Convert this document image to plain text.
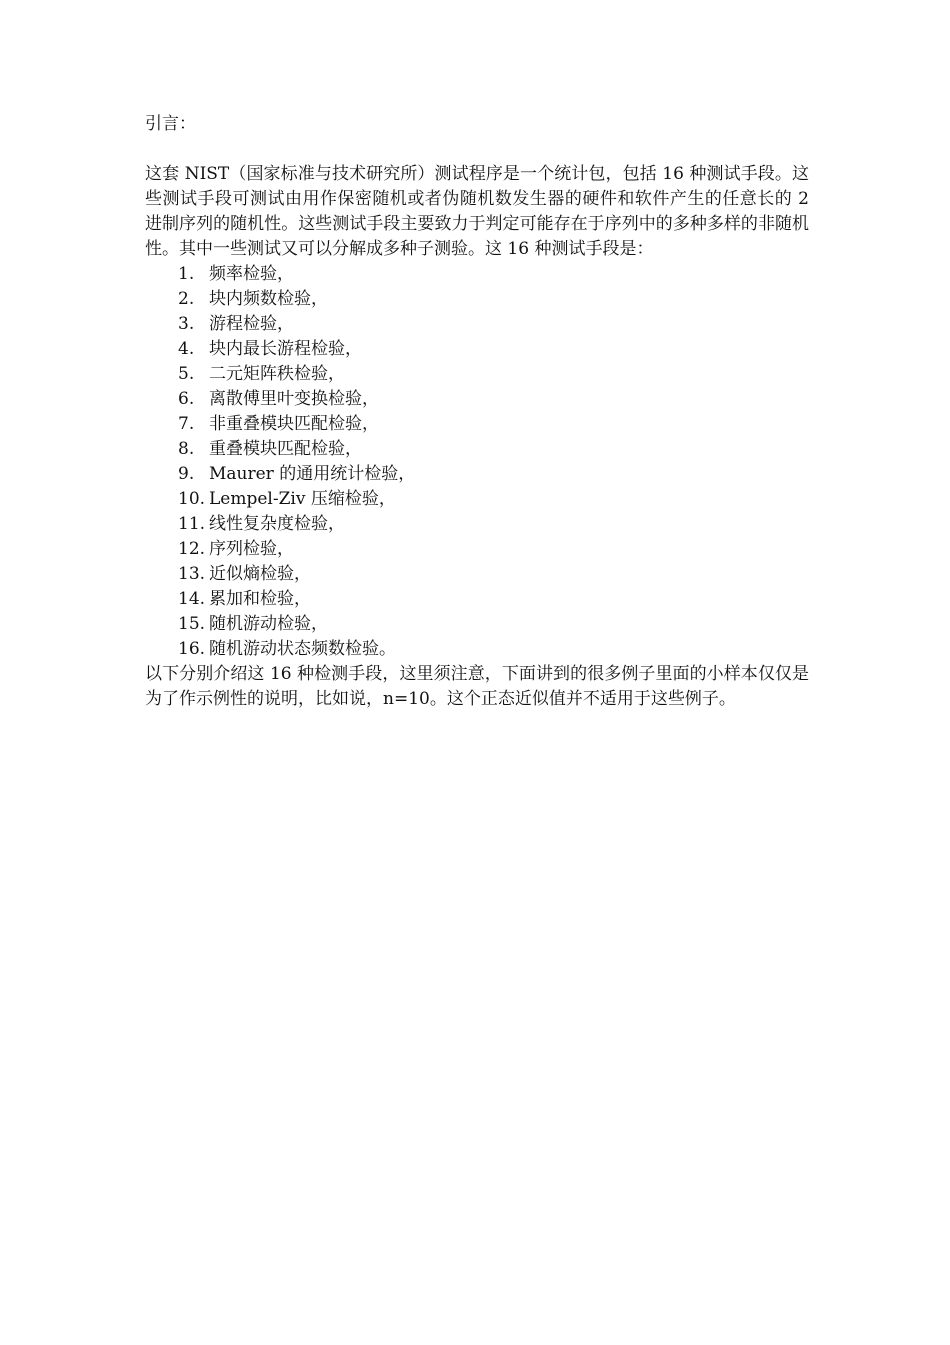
引言：

这套 NIST（国家标准与技术研究所）测试程序是一个统计包，包括 16 种测试手段。这些测试手段可测试由用作保密随机或者伪随机数发生器的硬件和软件产生的任意长的 2 进制序列的随机性。这些测试手段主要致力于判定可能存在于序列中的多种多样的非随机性。其中一些测试又可以分解成多种子测验。这 16 种测试手段是：

1. 频率检验，
2. 块内频数检验，
3. 游程检验，
4. 块内最长游程检验，
5. 二元矩阵秩检验，
6. 离散傅里叶变换检验，
7. 非重叠模块匹配检验，
8. 重叠模块匹配检验，
9. Maurer 的通用统计检验，
10. Lempel-Ziv 压缩检验，
11. 线性复杂度检验，
12. 序列检验，
13. 近似熵检验，
14. 累加和检验，
15. 随机游动检验，
16. 随机游动状态频数检验。

以下分别介绍这 16 种检测手段，这里须注意，下面讲到的很多例子里面的小样本仅仅是为了作示例性的说明，比如说，n=10。这个正态近似值并不适用于这些例子。
